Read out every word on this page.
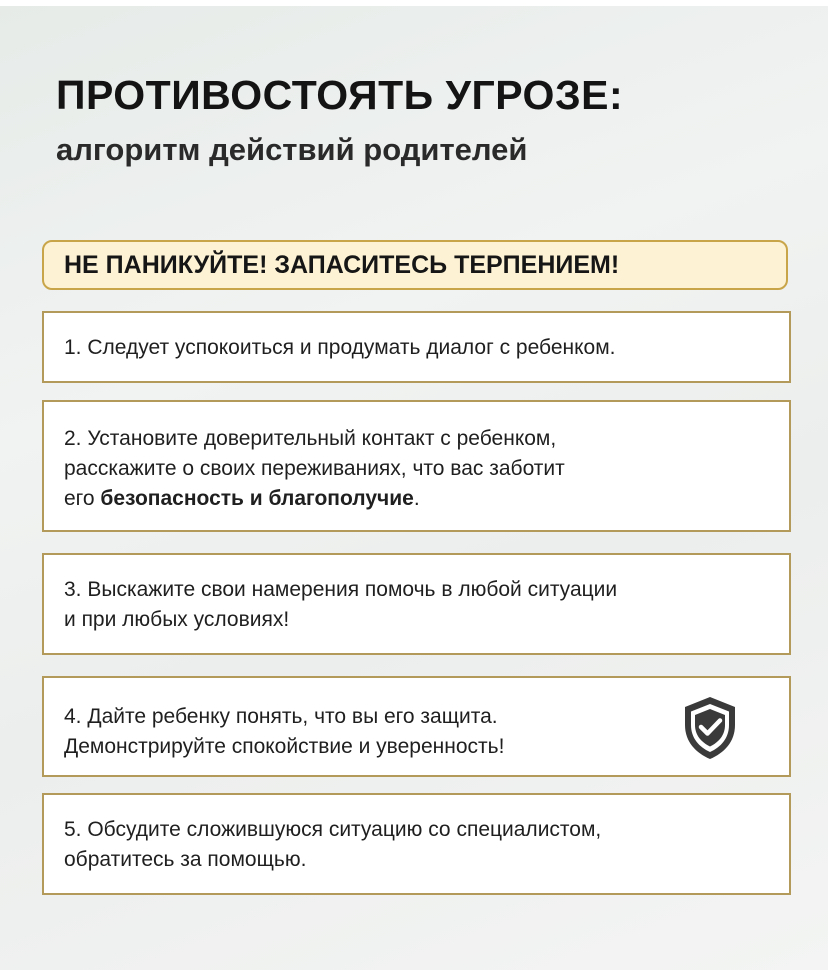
ПРОТИВОСТОЯТЬ УГРОЗЕ:
алгоритм действий родителей
НЕ ПАНИКУЙТЕ! ЗАПАСИТЕСЬ ТЕРПЕНИЕМ!
1. Следует успокоиться и продумать диалог с ребенком.
2. Установите доверительный контакт с ребенком,
расскажите о своих переживаниях, что вас заботит
его безопасность и благополучие.
3. Выскажите свои намерения помочь в любой ситуации
и при любых условиях!
4. Дайте ребенку понять, что вы его защита.
Демонстрируйте спокойствие и уверенность!
5. Обсудите сложившуюся ситуацию со специалистом,
обратитесь за помощью.
